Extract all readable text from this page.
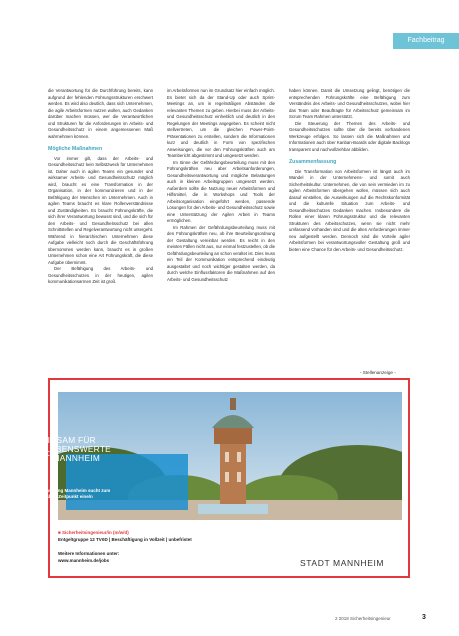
Fachbeitrag

die Verantwortung für die Durchführung bereits, kann aufgrund der fehlenden Führungsstrukturen erschwert werden. Es wird also deutlich, dass sich Unternehmen, die agile Arbeitsformen nutzen wollen, auch Gedanken darüber machen müssen, wer die Verantwortlichen und Strukturen für die Anforderungen im Arbeits- und Gesundheitsschutz in einem angemessenen Maß wahrnehmen können.

Mögliche Maßnahmen

Vor immer gilt, dass der Arbeits- und Gesundheitsschutz kein Selbstzweck für Unternehmen ist. Daher auch in agilen Teams ein gesunder und wirksamer Arbeits- und Gesundheitsschutz möglich wird, braucht es eine Transformation in der Organisation, in der kommunizieren und in der Befähigung der Menschen im Unternehmen. Auch in agilen Teams braucht es klare Rollenverständnisse und Zuständigkeiten. Es braucht Führungskräfte, die sich ihrer Verantwortung bewusst sind, und die sich für den Arbeits- und Gesundheitsschutz bei allen Schnittstellen und Regelverantwortung nicht untergeht. Während in hierarchischen Unternehmen diese Aufgabe vielleicht noch durch die Geschäftsführung übernommen werden kann, braucht es in großen Unternehmen schon eine Art Führungskraft, die diese Aufgabe übernimmt.

Der Befähigung des Arbeits- und Gesundheitsschutzes in der heutigen, agilen kommunikationsarmen Zeit ist groß.

im Arbeitsformen nun im Grundsatz hier einfach möglich. Es bietet sich da der Stand-Up oder auch Sprint-Meetings an, um in regelmäßigen Abständen die relevanten Themen zu geben. Hierbei muss der Arbeits- und Gesundheitsschutz einheitlich und deutlich in den Regelungen der Meetings angegeben. Es scheint nicht stellvertreten, um die gleichen Power-Point-Präsentationen zu erstellen, sondern die Informationen kurz und deutlich in Form von spezifischen Anweisungen, die vor den Führungskräften auch am Teambericht abgestimmt und umgesetzt werden.

Im Sinne der Gefährdungsbeurteilung muss mit den Führungskräften neu aber Arbeitsanforderungen, Gesundheitsverantwortung und mögliche Belastungen auch in kleinen Arbeitsgruppen umgesetzt werden. Außerdem sollte die Nutzung neuer Arbeitsformen und Hilfsmittel, die in Workshops und Tools der Arbeitsorganisation eingeführt werden, passende Lösungen für den Arbeits- und Gesundheitsschutz sowie eine Unterstützung der Agilen Arbeit in Teams ermöglichen.

Im Rahmen der Gefährdungsbeurteilung muss mit den Führungskräften neu, ob ihre Beurteilungsordnung der Gestaltung vereinbar werden. Es reicht in den meisten Fällen nicht aus, nur einmal festzustellen, ob die Gefährdungsbeurteilung an schon veraltet ist. Dies muss ein Teil der Kommunikation entsprechend eindeutig ausgestaltet und noch wichtiger gestalten werden, da durch welche Einflussfaktoren die Maßnahmen auf den Arbeits- und Gesundheitsschutz

haben können. Damit die Umsetzung gelingt, benötigen die entsprechenden Führungskräfte eine Befähigung zum Verständnis des Arbeits- und Gesundheitsschutzes, wobei hier das Team oder Beauftragte für Arbeitsschutz gemeinsam im Scrum Team Rahmen unterstützt.

Die Steuerung der Themen des Arbeits- und Gesundheitsschutzes sollte über die bereits vorhandenen Werkzeuge erfolgen. So lassen sich die Maßnahmen und Informationen auch über Kanban-Boards oder digitale Backlogs transparent und nachvollziehbar abbilden.

Zusammenfassung

Die Transformation von Arbeitsformen ist längst auch im Wandel in der Unternehmens- und somit auch Sicherheitskultur. Unternehmen, die von sein vermieden im zu agilen Arbeitsformen übergehen wollen, müssen sich auch darauf einstellen, die Auswirkungen auf die Rechtskonformität und die kulturelle Situation zum Arbeits- und Gesundheitsschutzes Gedanken machen. Insbesondere die Rollen einer klaren Führungsstruktur und die relevanten Strukturen des Arbeitsschutzes, wenn sie nicht mehr umfassend vorhanden sind und die alten Anforderungen immer neu aufgestellt werden. Dennoch sind die Vorteile agiler Arbeitsformen bei verantwortungsvoller Gestaltung groß und bieten eine Chance für den Arbeits- und Gesundheitsschutz.

- Stellenanzeige -
GEMEINSAM FÜR
EINE LEBENSWERTE
STADT MANNHEIM
Die Stadtverwaltung Mannheim sucht zum nächstmöglichen Zeitpunkt eine/n
■ Sicherheitsingenieur/in (m/w/d)
Entgeltgruppe 12 TVöD | Beschäftigung in Vollzeit | unbefristet
Weitere Informationen unter:
www.mannheim.de/jobs	STADT MANNHEIM
2 2018 Sicherheitsingenieur	3
